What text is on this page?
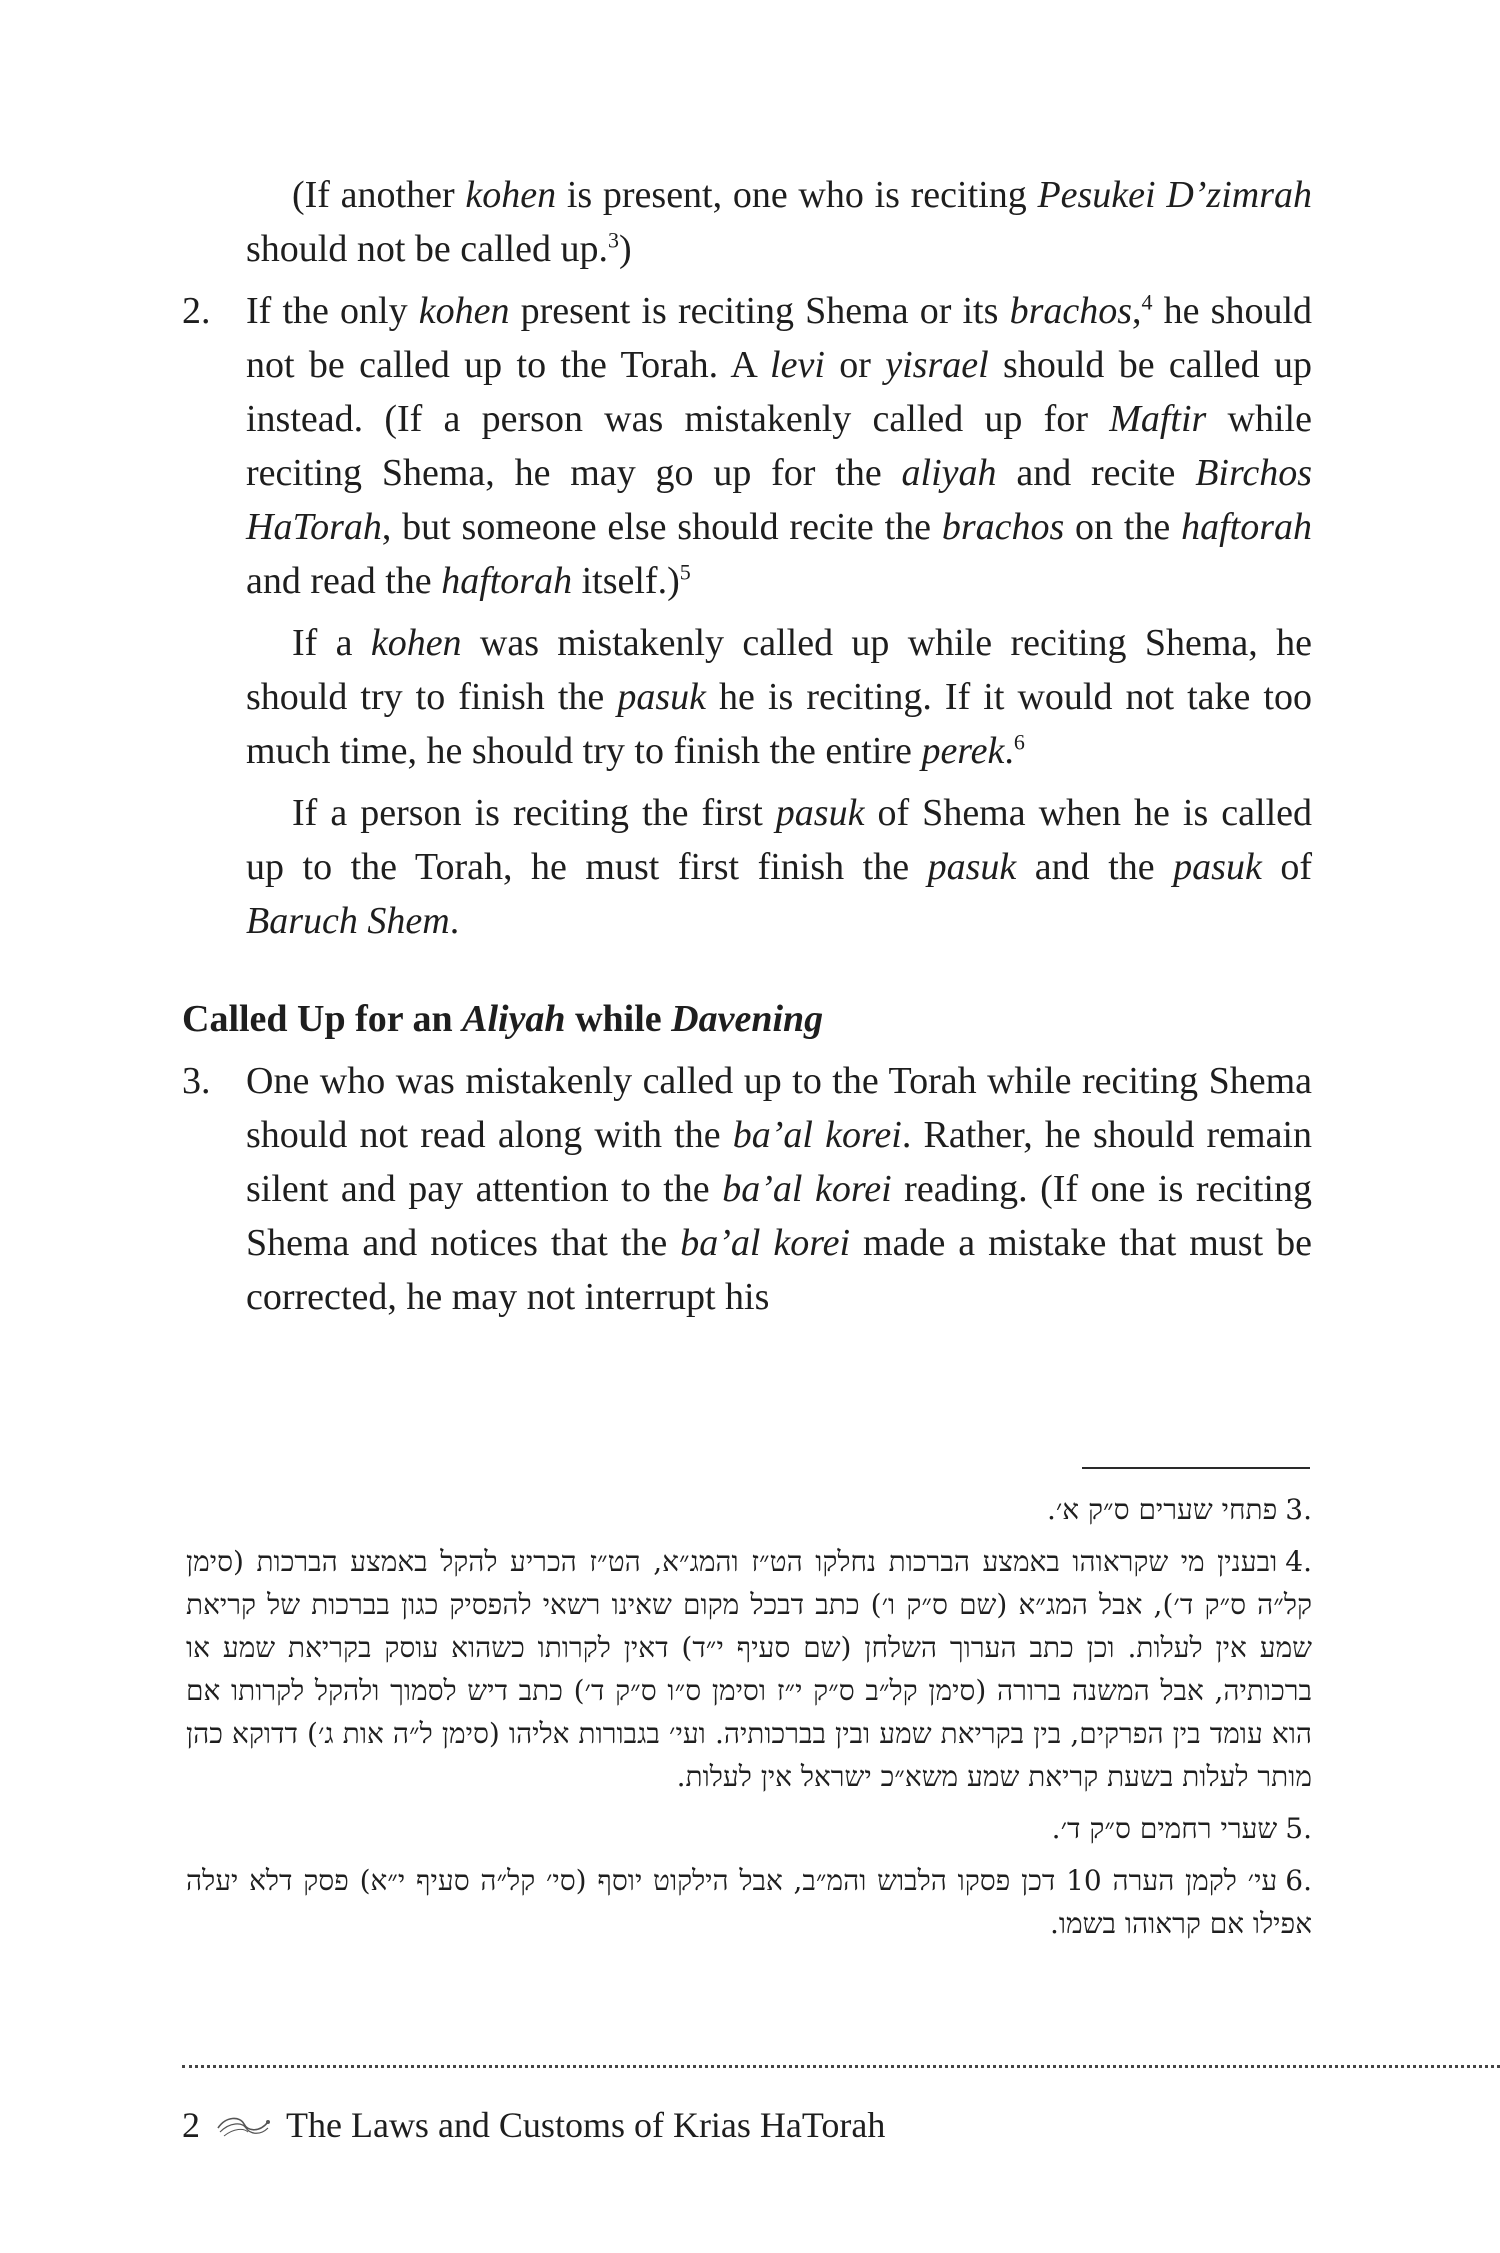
(If another kohen is present, one who is reciting Pesukei D’zimrah should not be called up.$^3$)

2. If the only kohen present is reciting Shema or its brachos,$^4$ he should not be called up to the Torah. A levi or yisrael should be called up instead. (If a person was mistakenly called up for Maftir while reciting Shema, he may go up for the aliyah and recite Birchos HaTorah, but someone else should recite the brachos on the haftorah and read the haftorah itself.)$^5$

If a kohen was mistakenly called up while reciting Shema, he should try to finish the pasuk he is reciting. If it would not take too much time, he should try to finish the entire perek.$^6$

If a person is reciting the first pasuk of Shema when he is called up to the Torah, he must first finish the pasuk and the pasuk of Baruch Shem.

Called Up for an Aliyah while Davening
3. One who was mistakenly called up to the Torah while reciting Shema should not read along with the ba’al korei. Rather, he should remain silent and pay attention to the ba’al korei reading. (If one is reciting Shema and notices that the ba’al korei made a mistake that must be corrected, he may not interrupt his

.3פתחי שערים ס״ק א׳.

.4ובענין מי שקראוהו באמצע הברכות נחלקו הט״ז והמג״א, הט״ז הכריע להקל באמצע הברכות (סימן קל״ה ס״ק ד׳), אבל המג״א (שם ס״ק ו׳) כתב דבכל מקום שאינו רשאי להפסיק כגון בברכות של קריאת שמע אין לעלות. וכן כתב הערוך השלחן (שם סעיף י״ד) דאין לקרותו כשהוא עוסק בקריאת שמע או ברכותיה, אבל המשנה ברורה (סימן קל״ב ס״ק י״ז וסימן ס״ו ס״ק ד׳) כתב דיש לסמוך ולהקל לקרותו אם הוא עומד בין הפרקים, בין בקריאת שמע ובין בברכותיה. ועי׳ בגבורות אליהו (סימן ל״ה אות ג׳) דדוקא כהן מותר לעלות בשעת קריאת שמע משא״כ ישראל אין לעלות.

.5שערי רחמים ס״ק ד׳.

.6עי׳ לקמן הערה 10 דכן פסקו הלבוש והמ״ב, אבל הילקוט יוסף (סי׳ קל״ה סעיף י״א) פסק דלא יעלה אפילו אם קראוהו בשמו.

2 The Laws and Customs of Krias HaTorah
